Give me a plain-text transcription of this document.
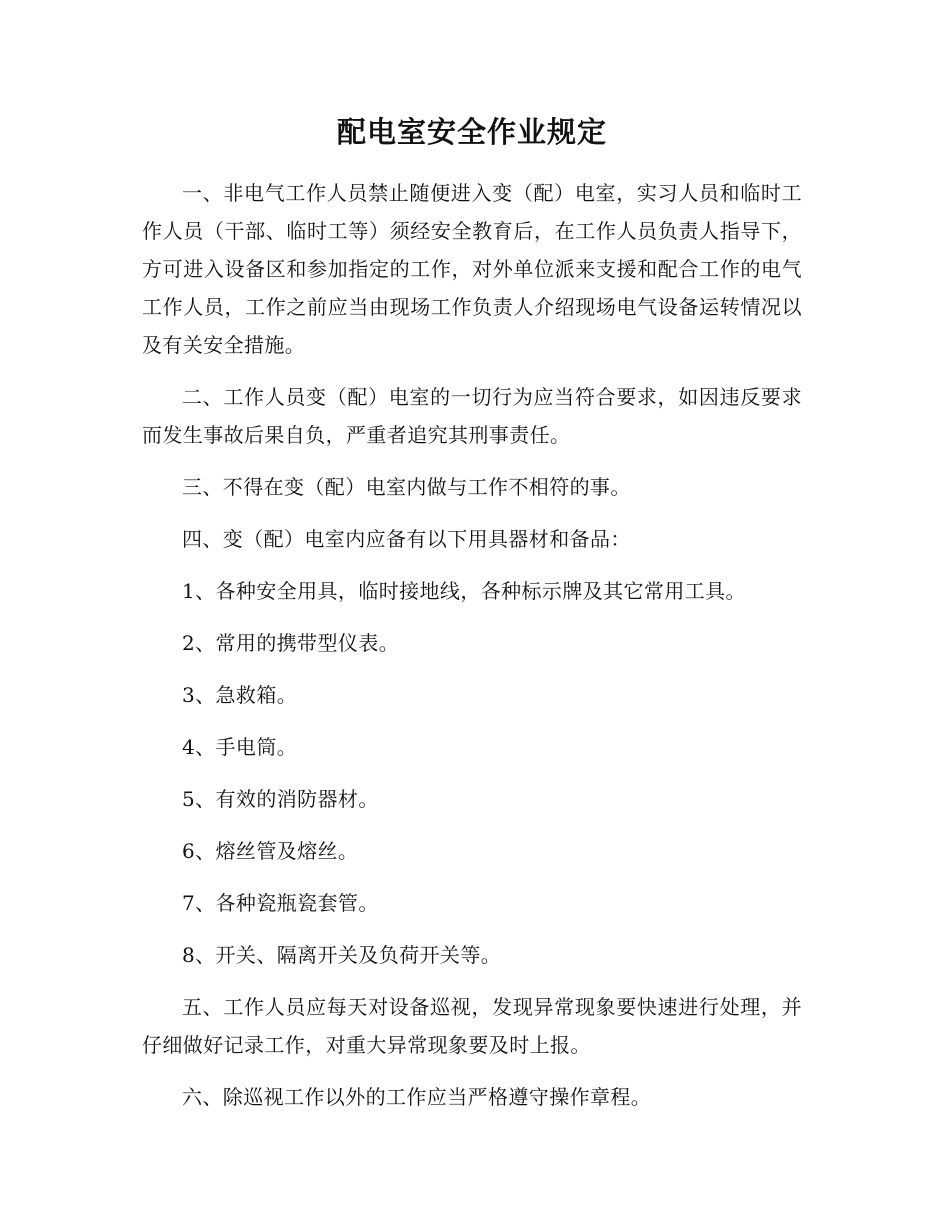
配电室安全作业规定

一、非电气工作人员禁止随便进入变（配）电室，实习人员和临时工作人员（干部、临时工等）须经安全教育后，在工作人员负责人指导下，方可进入设备区和参加指定的工作，对外单位派来支援和配合工作的电气工作人员，工作之前应当由现场工作负责人介绍现场电气设备运转情况以及有关安全措施。

二、工作人员变（配）电室的一切行为应当符合要求，如因违反要求而发生事故后果自负，严重者追究其刑事责任。

三、不得在变（配）电室内做与工作不相符的事。

四、变（配）电室内应备有以下用具器材和备品：

1、各种安全用具，临时接地线，各种标示牌及其它常用工具。

2、常用的携带型仪表。

3、急救箱。

4、手电筒。

5、有效的消防器材。

6、熔丝管及熔丝。

7、各种瓷瓶瓷套管。

8、开关、隔离开关及负荷开关等。

五、工作人员应每天对设备巡视，发现异常现象要快速进行处理，并仔细做好记录工作，对重大异常现象要及时上报。

六、除巡视工作以外的工作应当严格遵守操作章程。
